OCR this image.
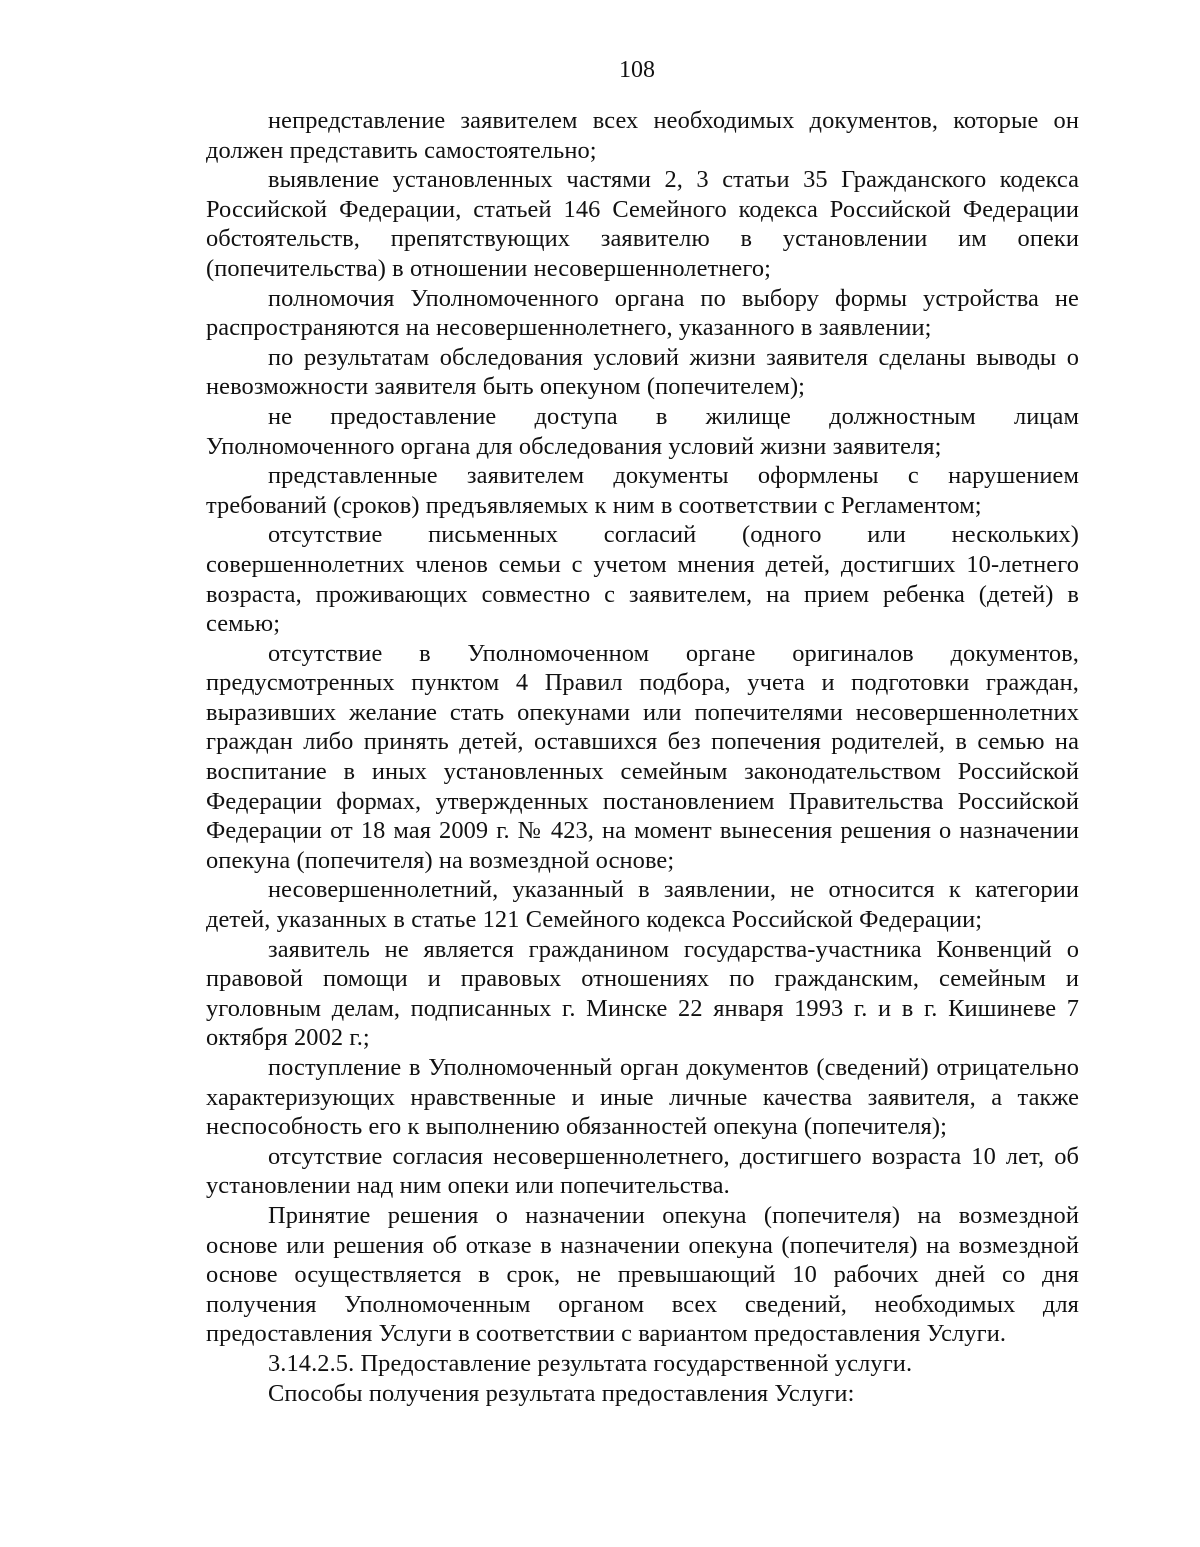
108

непредставление заявителем всех необходимых документов, которые он должен представить самостоятельно;

выявление установленных частями 2, 3 статьи 35 Гражданского кодекса Российской Федерации, статьей 146 Семейного кодекса Российской Федерации обстоятельств, препятствующих заявителю в установлении им опеки (попечительства) в отношении несовершеннолетнего;

полномочия Уполномоченного органа по выбору формы устройства не распространяются на несовершеннолетнего, указанного в заявлении;

по результатам обследования условий жизни заявителя сделаны выводы о невозможности заявителя быть опекуном (попечителем);

не предоставление доступа в жилище должностным лицам Уполномоченного органа для обследования условий жизни заявителя;

представленные заявителем документы оформлены с нарушением требований (сроков) предъявляемых к ним в соответствии с Регламентом;

отсутствие письменных согласий (одного или нескольких) совершеннолетних членов семьи с учетом мнения детей, достигших 10-летнего возраста, проживающих совместно с заявителем, на прием ребенка (детей) в семью;

отсутствие в Уполномоченном органе оригиналов документов, предусмотренных пунктом 4 Правил подбора, учета и подготовки граждан, выразивших желание стать опекунами или попечителями несовершеннолетних граждан либо принять детей, оставшихся без попечения родителей, в семью на воспитание в иных установленных семейным законодательством Российской Федерации формах, утвержденных постановлением Правительства Российской Федерации от 18 мая 2009 г. № 423, на момент вынесения решения о назначении опекуна (попечителя) на возмездной основе;

несовершеннолетний, указанный в заявлении, не относится к категории детей, указанных в статье 121 Семейного кодекса Российской Федерации;

заявитель не является гражданином государства-участника Конвенций о правовой помощи и правовых отношениях по гражданским, семейным и уголовным делам, подписанных г. Минске 22 января 1993 г. и в г. Кишиневе 7 октября 2002 г.;

поступление в Уполномоченный орган документов (сведений) отрицательно характеризующих нравственные и иные личные качества заявителя, а также неспособность его к выполнению обязанностей опекуна (попечителя);

отсутствие согласия несовершеннолетнего, достигшего возраста 10 лет, об установлении над ним опеки или попечительства.

Принятие решения о назначении опекуна (попечителя) на возмездной основе или решения об отказе в назначении опекуна (попечителя) на возмездной основе осуществляется в срок, не превышающий 10 рабочих дней со дня получения Уполномоченным органом всех сведений, необходимых для предоставления Услуги в соответствии с вариантом предоставления Услуги.

3.14.2.5. Предоставление результата государственной услуги.

Способы получения результата предоставления Услуги:
